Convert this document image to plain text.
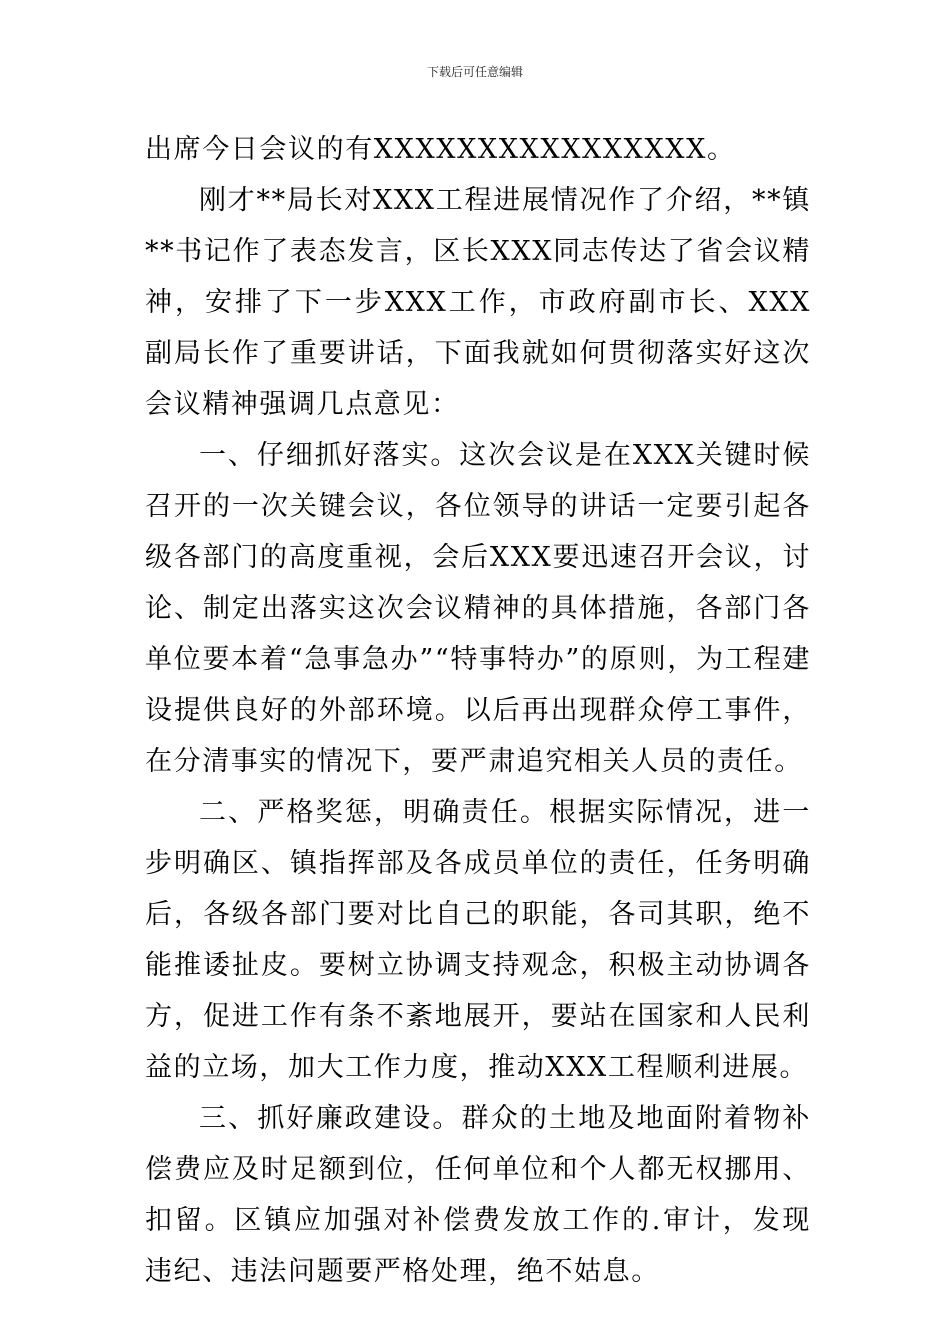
下载后可任意编辑

出席今日会议的有XXXXXXXXXXXXXXXX。

刚才**局长对XXX工程进展情况作了介绍，**镇**书记作了表态发言，区长XXX同志传达了省会议精神，安排了下一步XXX工作，市政府副市长、XXX副局长作了重要讲话，下面我就如何贯彻落实好这次会议精神强调几点意见：

一、仔细抓好落实。这次会议是在XXX关键时候召开的一次关键会议，各位领导的讲话一定要引起各级各部门的高度重视，会后XXX要迅速召开会议，讨论、制定出落实这次会议精神的具体措施，各部门各单位要本着“急事急办”“特事特办”的原则，为工程建设提供良好的外部环境。以后再出现群众停工事件，在分清事实的情况下，要严肃追究相关人员的责任。

二、严格奖惩，明确责任。根据实际情况，进一步明确区、镇指挥部及各成员单位的责任，任务明确后，各级各部门要对比自己的职能，各司其职，绝不能推诿扯皮。要树立协调支持观念，积极主动协调各方，促进工作有条不紊地展开，要站在国家和人民利益的立场，加大工作力度，推动XXX工程顺利进展。

三、抓好廉政建设。群众的土地及地面附着物补偿费应及时足额到位，任何单位和个人都无权挪用、扣留。区镇应加强对补偿费发放工作的.审计，发现违纪、违法问题要严格处理，绝不姑息。
